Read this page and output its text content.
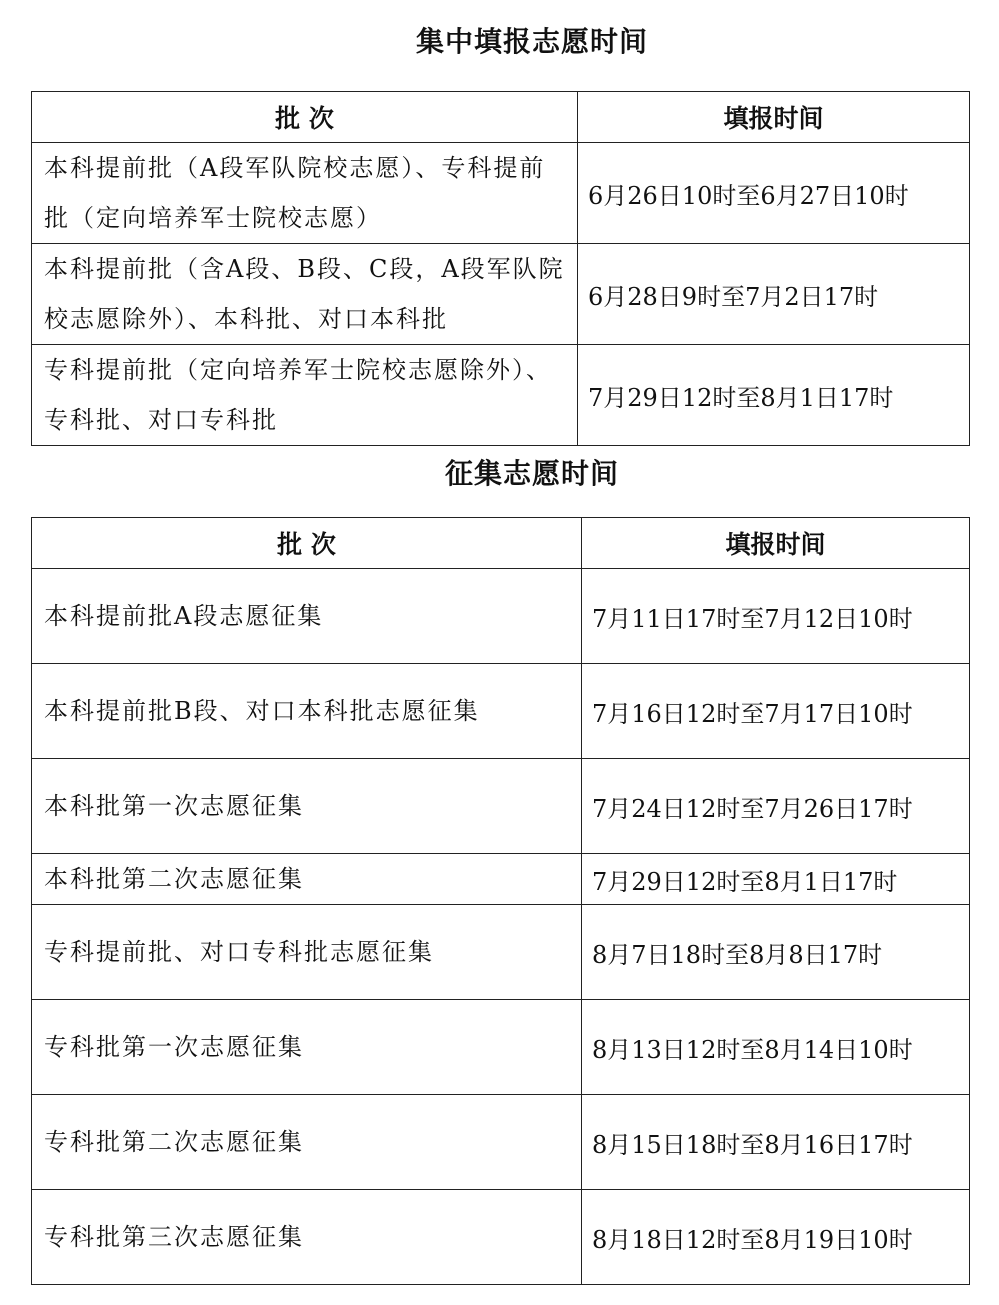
集中填报志愿时间
批 次	填报时间
本科提前批（A段军队院校志愿）、专科提前批（定向培养军士院校志愿）	6月26日10时至6月27日10时
本科提前批（含A段、B段、C段，A段军队院校志愿除外）、本科批、对口本科批	6月28日9时至7月2日17时
专科提前批（定向培养军士院校志愿除外）、专科批、对口专科批	7月29日12时至8月1日17时
征集志愿时间
批 次	填报时间
本科提前批A段志愿征集	7月11日17时至7月12日10时
本科提前批B段、对口本科批志愿征集	7月16日12时至7月17日10时
本科批第一次志愿征集	7月24日12时至7月26日17时
本科批第二次志愿征集	7月29日12时至8月1日17时
专科提前批、对口专科批志愿征集	8月7日18时至8月8日17时
专科批第一次志愿征集	8月13日12时至8月14日10时
专科批第二次志愿征集	8月15日18时至8月16日17时
专科批第三次志愿征集	8月18日12时至8月19日10时
